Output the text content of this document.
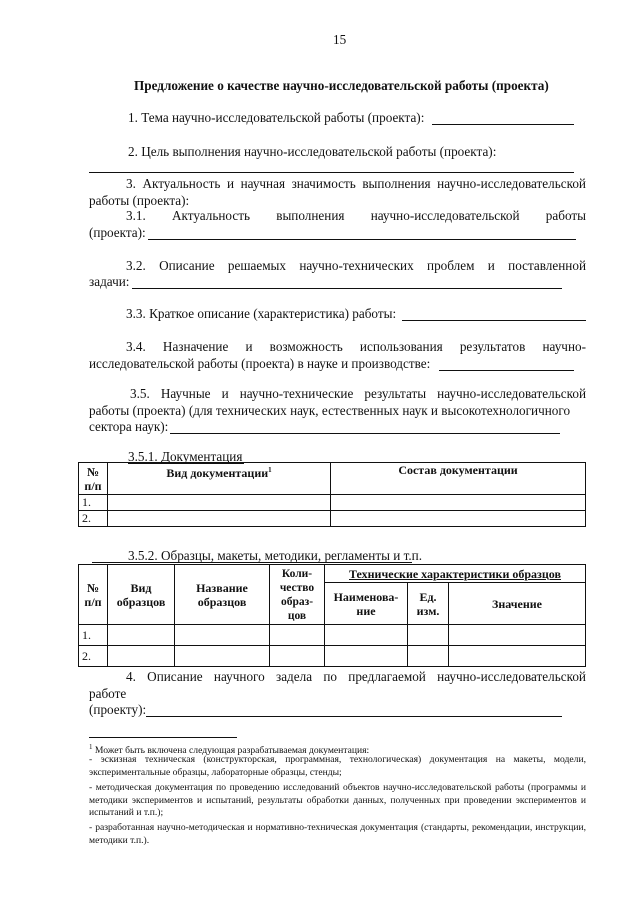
15
Предложение о качестве научно-исследовательской работы (проекта)
1. Тема научно-исследовательской работы (проекта):
2. Цель выполнения научно-исследовательской работы (проекта):
3. Актуальность и научная значимость выполнения научно-исследовательской
работы (проекта):
3.1. Актуальность выполнения научно-исследовательской работы
(проекта):
3.2. Описание решаемых научно-технических проблем и поставленной
задачи:
3.3. Краткое описание (характеристика) работы:
3.4. Назначение и возможность использования результатов научно-
исследовательской работы (проекта) в науке и производстве:
3.5. Научные и научно-технические результаты научно-исследовательской
работы (проекта) (для технических наук, естественных наук и высокотехнологичного
сектора наук):
3.5.1. Документация
№ п/п	Вид документации$^1$	Состав документации
1.		
2.		
3.5.2. Образцы, макеты, методики, регламенты и т.п.
№ п/п	Вид образцов	Название образцов	Коли-чество образ-цов	Технические характеристики образцов		
				Наименова-ние	Ед. изм.	Значение
1.						
2.						
4. Описание научного задела по предлагаемой научно-исследовательской
работе
(проекту):
$^1$ Может быть включена следующая разрабатываемая документация:
- эскизная техническая (конструкторская, программная, технологическая) документация на макеты, модели, экспериментальные образцы, лабораторные образцы, стенды;
- методическая документация по проведению исследований объектов научно-исследовательской работы (программы и методики экспериментов и испытаний, результаты обработки данных, полученных при проведении экспериментов и испытаний и т.п.);
- разработанная научно-методическая и нормативно-техническая документация (стандарты, рекомендации, инструкции, методики т.п.).
